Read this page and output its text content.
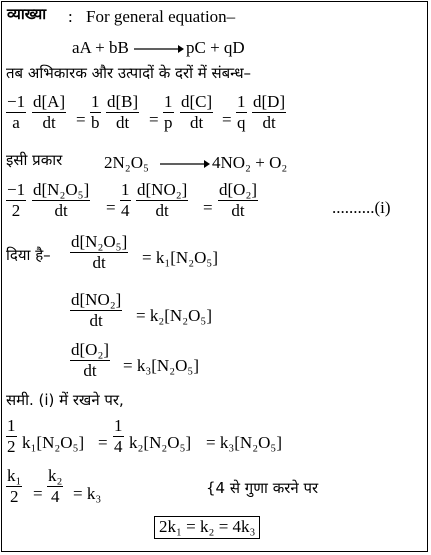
व्याख्या : For general equation–
aA + bB → pC + qD
तब अभिकारक और उत्पादों के दरों में संबन्ध–
−1
a
d[A]
dt	=
1
b
d[B]
dt	=
1
p
d[C]
dt	=
1
q
d[D]
dt
इसी प्रकार 2N₂O₅ → 4NO₂ + O₂
−1
2
d[N₂O₅]
dt	=
1
4
d[NO₂]
dt	=
d[O₂]
dt	..........(i)
दिया है–
d[N₂O₅]
dt	= k₁[N₂O₅]
d[NO₂]
dt	= k₂[N₂O₅]
d[O₂]
dt	= k₃[N₂O₅]
समी. (i) में रखने पर,
1
2 k₁[N₂O₅] =
1
4 k₂[N₂O₅] = k₃[N₂O₅]
k₁
2 =
k₂
4 = k₃	{4 से गुणा करने पर
2k₁ = k₂ = 4k₃
